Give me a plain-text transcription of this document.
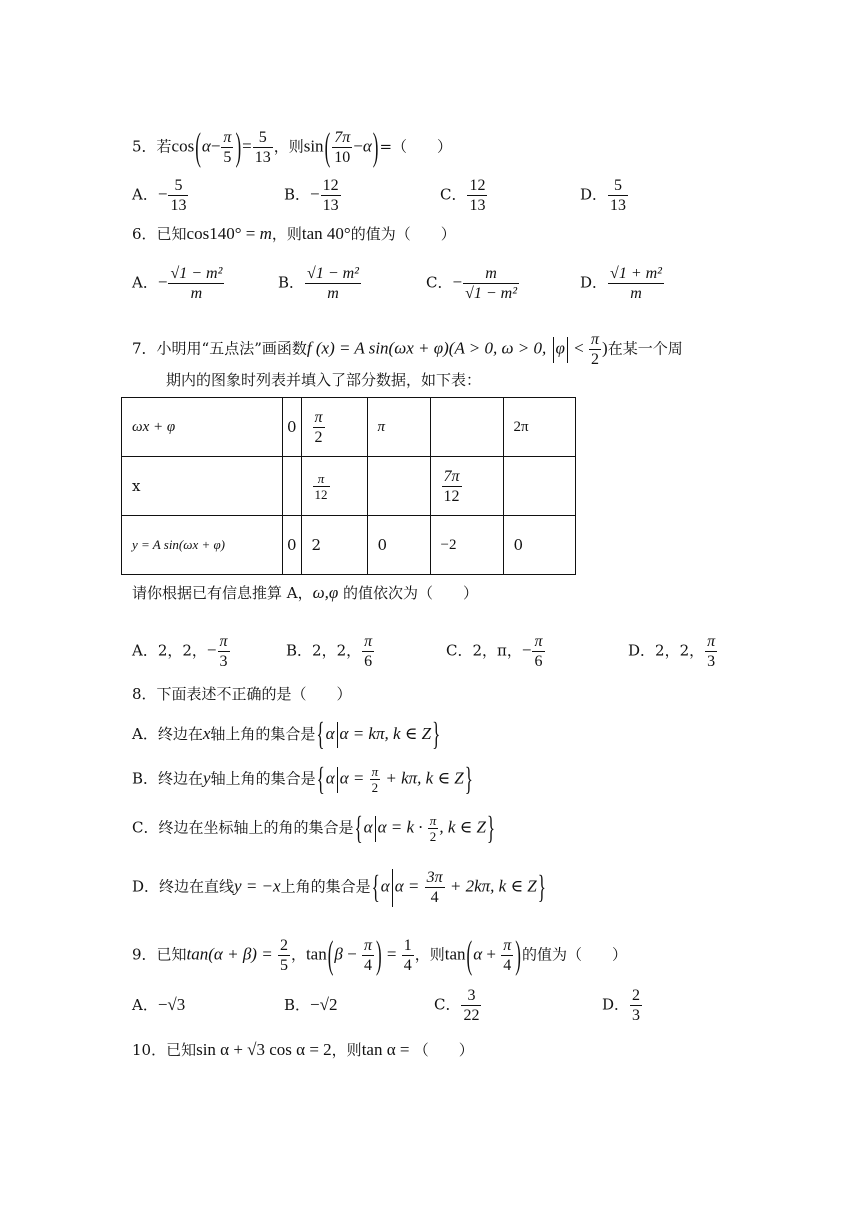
5．若$\cos(\alpha- \frac{\pi}{5}$ )= $\frac{5}{13}$ ，则$\sin( \frac{7\pi}{10} -\alpha)=$（　　）
A．− $\frac{5}{13}$	B．− $\frac{12}{13}$	C． $\frac{12}{13}$	D． $\frac{5}{13}$
6．已知cos140° = m，则tan 40°的值为（　　）
A．− $\frac{\text{√1 − m²}}{m}$	B． $\frac{\text{√1 − m²}}{m}$	C．− $\frac{m}{\text{√1 − m²}}$	D． $\frac{\text{√1 + m²}}{m}$
7．小明用“五点法”画函数f (x) = A sin(ωx + φ)(A > 0, ω > 0, $\varphi < \frac{\pi}{2}$ )在某一个周
期内的图象时列表并填入了部分数据，如下表：
ωx + φ	0	$\frac{\pi}{2}$	π		2π
x		$\frac{\pi}{12}$		$\frac{7\pi}{12}$

y = A sin(ωx + φ)	0	2	0	−2	0
请你根据已有信息推算 A，ω,φ 的值依次为（　　）
A．2，2，− $\frac{\pi}{3}$	B．2，2， $\frac{\pi}{6}$	C．2，π，− $\frac{\pi}{6}$	D．2，2， $\frac{\pi}{3}$
8．下面表述不正确的是（　　）
A．终边在x轴上角的集合是{α α = kπ, k ∈ Z}
B．终边在y轴上角的集合是{α $\alpha = \frac{\pi}{2} + k\pi$, k ∈ Z}
C．终边在坐标轴上的角的集合是{α $\alpha = k \cdot \frac{\pi}{2}$ , k ∈ Z}
D．终边在直线y = −x上角的集合是{α $\alpha = \frac{3\pi}{4} + 2k\pi$, k ∈ Z}
9．已知$\tan(\alpha + \beta) = \frac{2}{5}$ ，$\tan(\beta - \frac{\pi}{4}$ ) = $\frac{1}{4}$ ，则$\tan(\alpha + \frac{\pi}{4}$ )的值为（　　）
A．−√3	B．−√2	C． $\frac{3}{22}$	D． $\frac{2}{3}$
10．已知sin α + √3 cos α = 2，则tan α = （　　）
